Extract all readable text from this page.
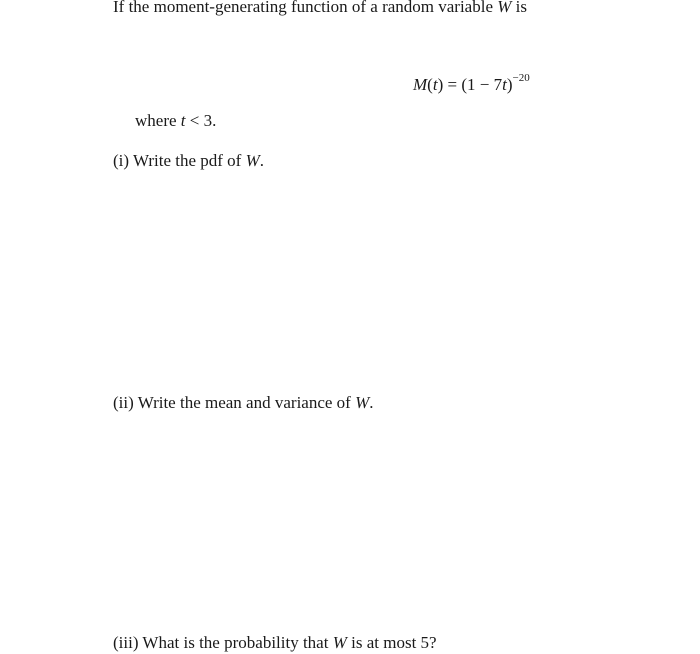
If the moment-generating function of a random variable W is
$M(t) = (1 - 7t)^{-20}$
where t < 3.
(i) Write the pdf of W.
(ii) Write the mean and variance of W.
(iii) What is the probability that W is at most 5?
